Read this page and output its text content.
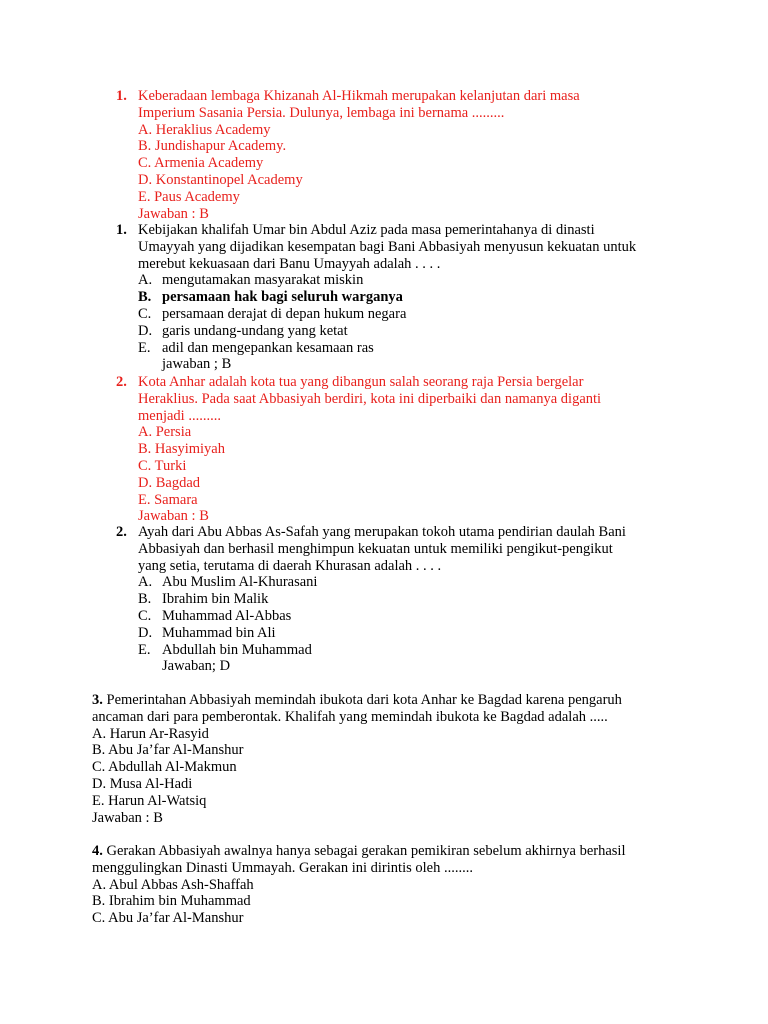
1. Keberadaan lembaga Khizanah Al-Hikmah merupakan kelanjutan dari masa
Imperium Sasania Persia. Dulunya, lembaga ini bernama .........
A. Heraklius Academy
B. Jundishapur Academy.
C. Armenia Academy
D. Konstantinopel Academy
E. Paus Academy
Jawaban : B
1. Kebijakan khalifah Umar bin Abdul Aziz pada masa pemerintahanya di dinasti
Umayyah yang dijadikan kesempatan bagi Bani Abbasiyah menyusun kekuatan untuk
merebut kekuasaan dari Banu Umayyah adalah . . . .
A. mengutamakan masyarakat miskin
B. persamaan hak bagi seluruh warganya
C. persamaan derajat di depan hukum negara
D. garis undang-undang yang ketat
E. adil dan mengepankan kesamaan ras
jawaban ; B
2. Kota Anhar adalah kota tua yang dibangun salah seorang raja Persia bergelar
Heraklius. Pada saat Abbasiyah berdiri, kota ini diperbaiki dan namanya diganti
menjadi .........
A. Persia
B. Hasyimiyah
C. Turki
D. Bagdad
E. Samara
Jawaban : B
2. Ayah dari Abu Abbas As-Safah yang merupakan tokoh utama pendirian daulah Bani
Abbasiyah dan berhasil menghimpun kekuatan untuk memiliki pengikut-pengikut
yang setia, terutama di daerah Khurasan adalah . . . .
A. Abu Muslim Al-Khurasani
B. Ibrahim bin Malik
C. Muhammad Al-Abbas
D. Muhammad bin Ali
E. Abdullah bin Muhammad
Jawaban; D
3. Pemerintahan Abbasiyah memindah ibukota dari kota Anhar ke Bagdad karena pengaruh
ancaman dari para pemberontak. Khalifah yang memindah ibukota ke Bagdad adalah .....
A. Harun Ar-Rasyid
B. Abu Ja’far Al-Manshur
C. Abdullah Al-Makmun
D. Musa Al-Hadi
E. Harun Al-Watsiq
Jawaban : B
4. Gerakan Abbasiyah awalnya hanya sebagai gerakan pemikiran sebelum akhirnya berhasil
menggulingkan Dinasti Ummayah. Gerakan ini dirintis oleh ........
A. Abul Abbas Ash-Shaffah
B. Ibrahim bin Muhammad
C. Abu Ja’far Al-Manshur
